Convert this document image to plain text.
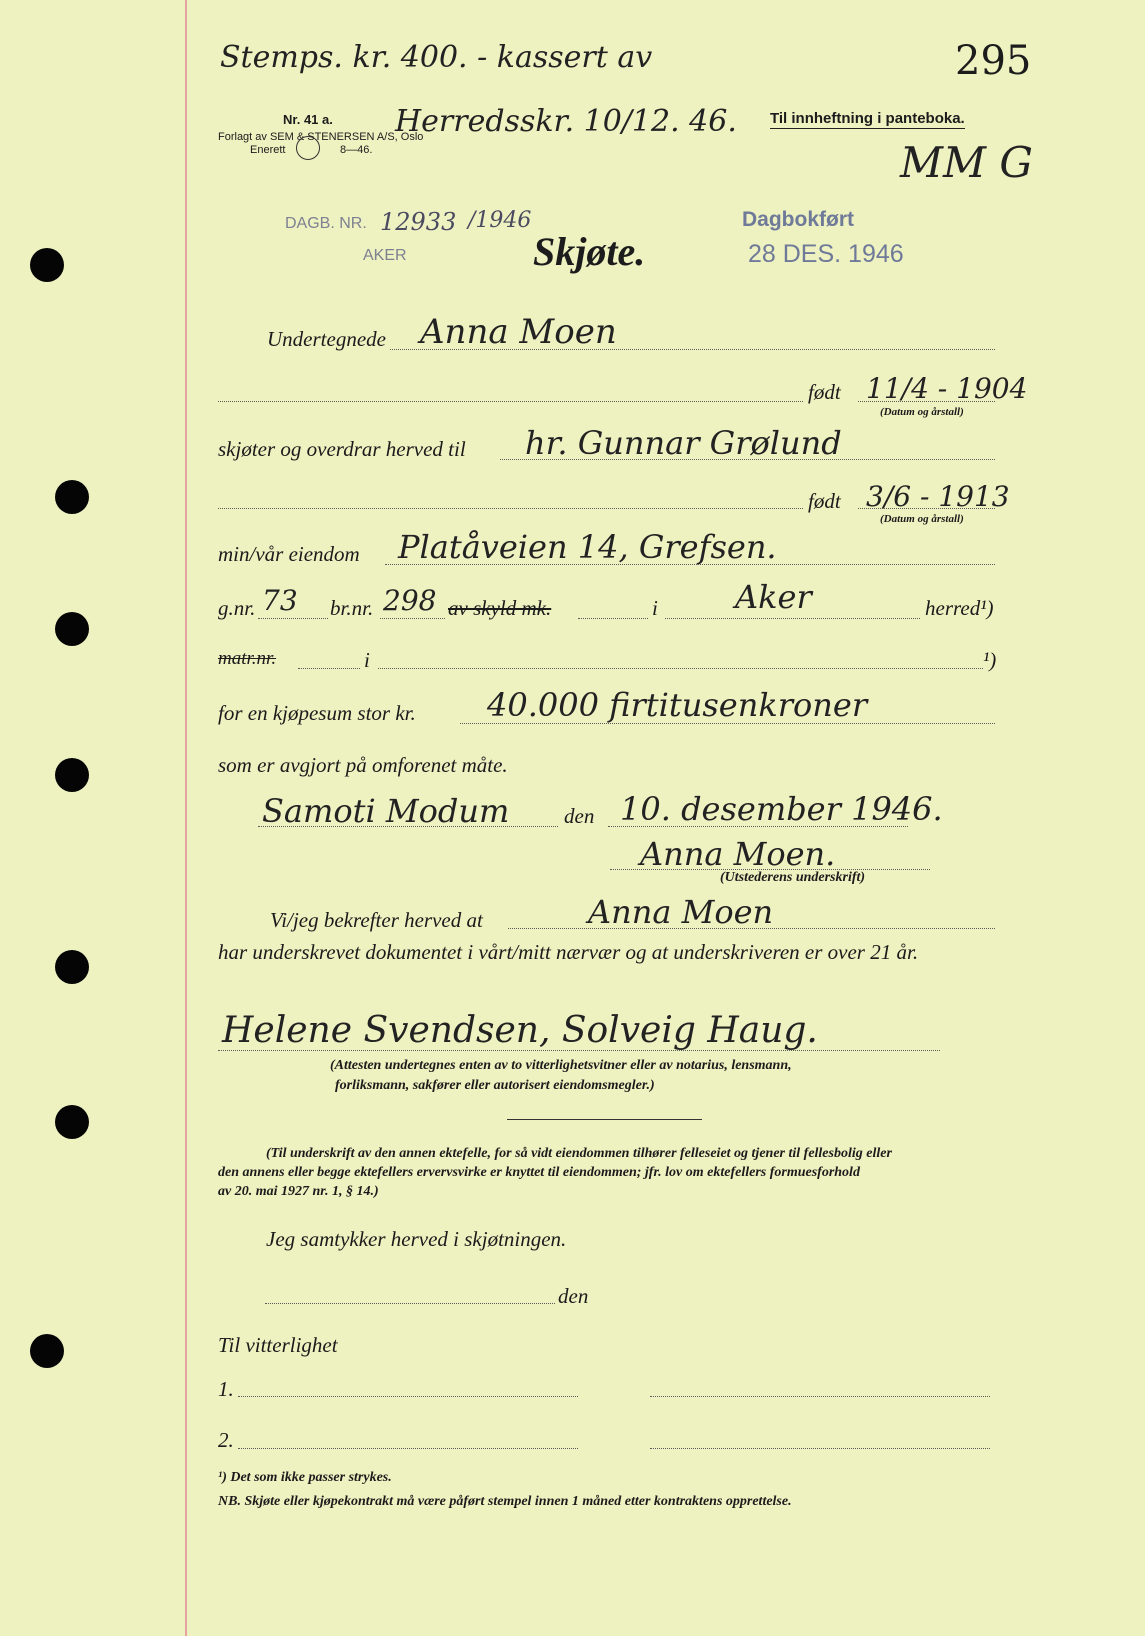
Stemps. kr. 400. - kassert av
Herredsskr. 10/12. 46.
295
Nr. 41 a.
Forlagt av SEM & STENERSEN A/S, Oslo
Enerett	8—46.
Til innheftning i panteboka.
DAGB. NR. 12933 /1946
AKER
Dagbokført
28 DES. 1946
MM G
Skjøte.
Undertegnede Anna Moen
født 11/4 - 1904
(Datum og årstall)
skjøter og overdrar herved til hr. Gunnar Grølund
født 3/6 - 1913
(Datum og årstall)
min/vår eiendom Platåveien 14, Grefsen.
g.nr. 73 br.nr. 298 av skyld mk.	i Aker	herred¹)
matr.nr.	i	¹)
for en kjøpesum stor kr. 40.000 firtitusenkroner
som er avgjort på omforenet måte.
Samoti Modum	den 10. desember 1946.
Anna Moen.
(Utstederens underskrift)
Vi/jeg bekrefter herved at	Anna Moen
har underskrevet dokumentet i vårt/mitt nærvær og at underskriveren er over 21 år.
Helene Svendsen, Solveig Haug.
(Attesten undertegnes enten av to vitterlighetsvitner eller av notarius, lensmann,
forliksmann, sakfører eller autorisert eiendomsmegler.)
(Til underskrift av den annen ektefelle, for så vidt eiendommen tilhører felleseiet og tjener til fellesbolig eller
den annens eller begge ektefellers ervervsvirke er knyttet til eiendommen; jfr. lov om ektefellers formuesforhold
av 20. mai 1927 nr. 1, § 14.)
Jeg samtykker herved i skjøtningen.
den
Til vitterlighet
1.
2.
¹) Det som ikke passer strykes.
NB. Skjøte eller kjøpekontrakt må være påført stempel innen 1 måned etter kontraktens opprettelse.
